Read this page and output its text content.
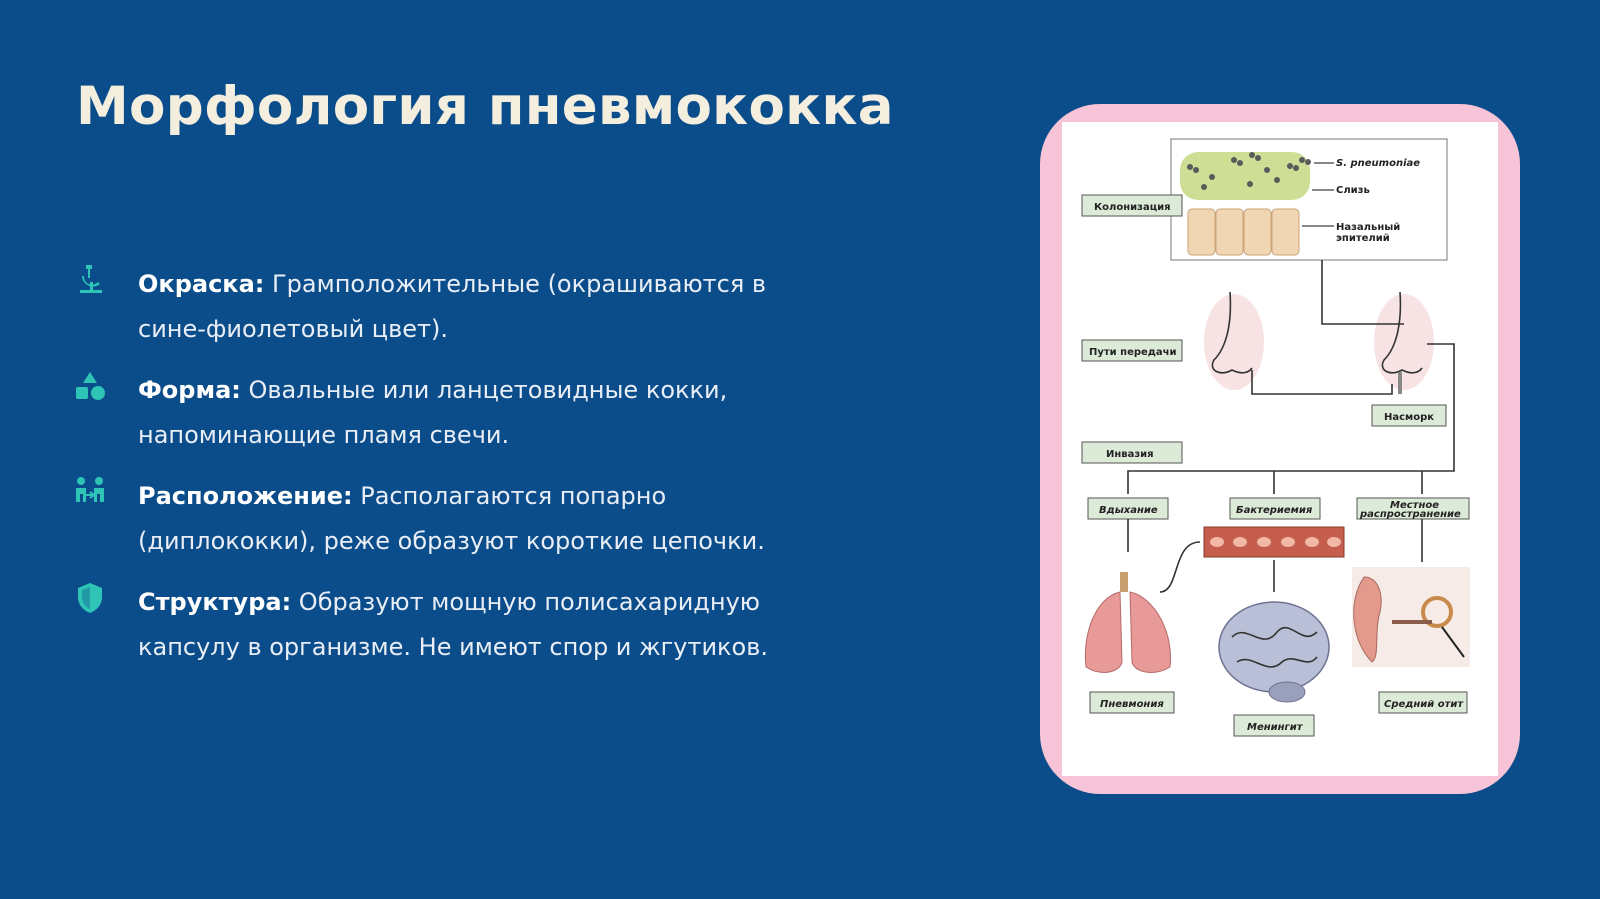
Морфология пневмококка

Окраска: Грамположительные (окрашиваются в сине-фиолетовый цвет).

Форма: Овальные или ланцетовидные кокки, напоминающие пламя свечи.

Расположение: Располагаются попарно (диплококки), реже образуют короткие цепочки.

Структура: Образуют мощную полисахаридную капсулу в организме. Не имеют спор и жгутиков.

S. pneumoniae
Слизь
Назальный
эпителий
Колонизация
Пути передачи
Инвазия
Насморк
Вдыхание	Бактериемия	Местное
распространение
Пневмония
Менингит
Средний отит
